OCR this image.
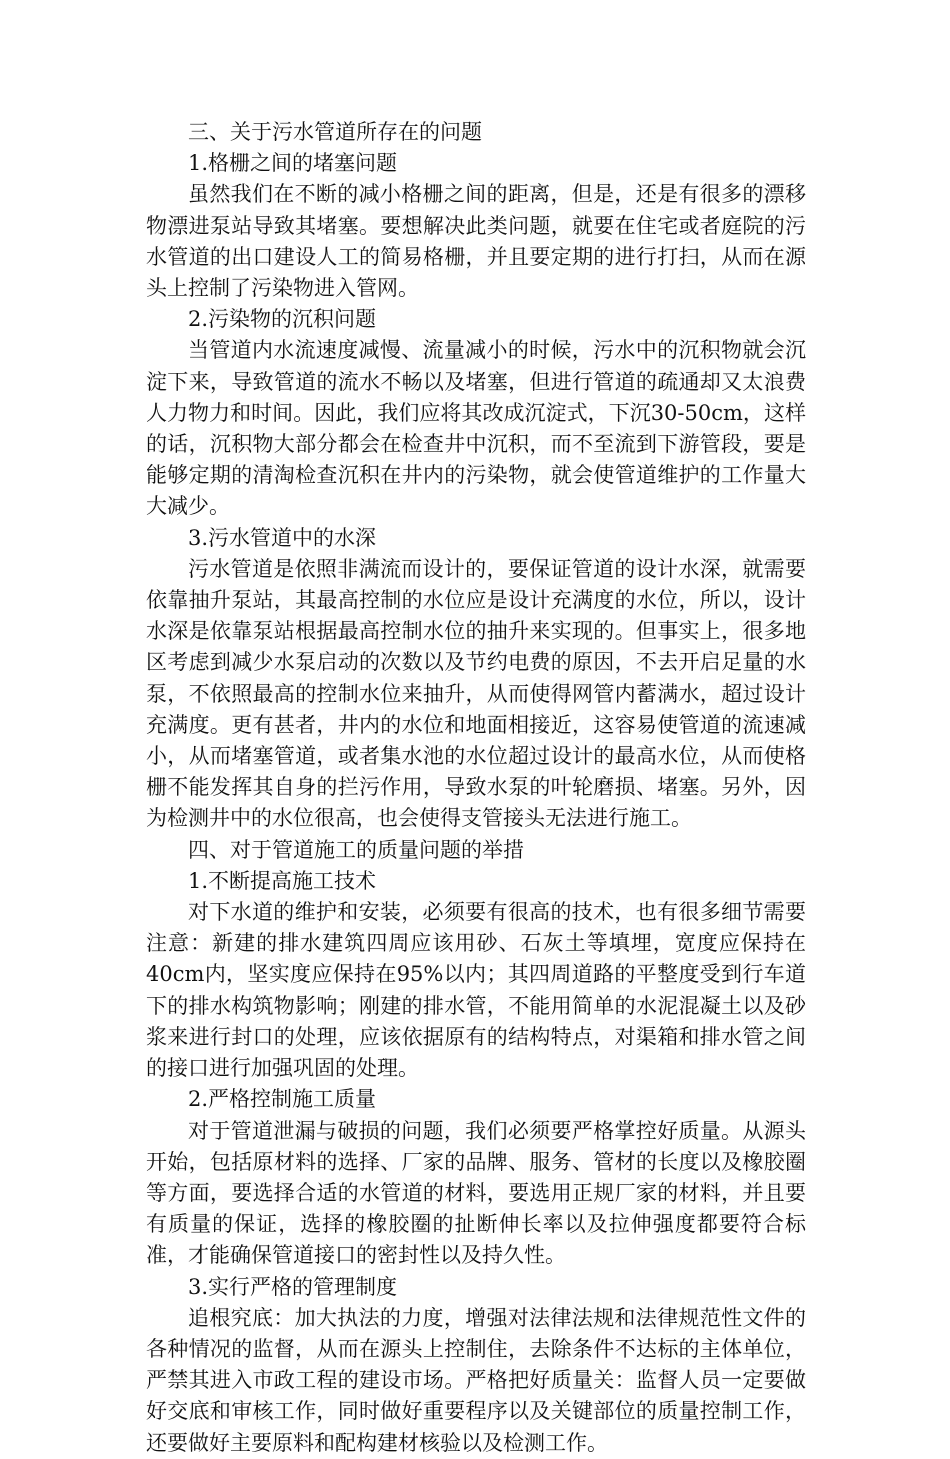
三、关于污水管道所存在的问题

1.格栅之间的堵塞问题

虽然我们在不断的减小格栅之间的距离，但是，还是有很多的漂移物漂进泵站导致其堵塞。要想解决此类问题，就要在住宅或者庭院的污水管道的出口建设人工的简易格栅，并且要定期的进行打扫，从而在源头上控制了污染物进入管网。

2.污染物的沉积问题

当管道内水流速度减慢、流量减小的时候，污水中的沉积物就会沉淀下来，导致管道的流水不畅以及堵塞，但进行管道的疏通却又太浪费人力物力和时间。因此，我们应将其改成沉淀式，下沉30-50cm，这样的话，沉积物大部分都会在检查井中沉积，而不至流到下游管段，要是能够定期的清淘检查沉积在井内的污染物，就会使管道维护的工作量大大减少。

3.污水管道中的水深

污水管道是依照非满流而设计的，要保证管道的设计水深，就需要依靠抽升泵站，其最高控制的水位应是设计充满度的水位，所以，设计水深是依靠泵站根据最高控制水位的抽升来实现的。但事实上，很多地区考虑到减少水泵启动的次数以及节约电费的原因，不去开启足量的水泵，不依照最高的控制水位来抽升，从而使得网管内蓄满水，超过设计充满度。更有甚者，井内的水位和地面相接近，这容易使管道的流速减小，从而堵塞管道，或者集水池的水位超过设计的最高水位，从而使格栅不能发挥其自身的拦污作用，导致水泵的叶轮磨损、堵塞。另外，因为检测井中的水位很高，也会使得支管接头无法进行施工。

四、对于管道施工的质量问题的举措

1.不断提高施工技术

对下水道的维护和安装，必须要有很高的技术，也有很多细节需要注意：新建的排水建筑四周应该用砂、石灰土等填埋，宽度应保持在40cm内，坚实度应保持在95%以内；其四周道路的平整度受到行车道下的排水构筑物影响；刚建的排水管，不能用简单的水泥混凝土以及砂浆来进行封口的处理，应该依据原有的结构特点，对渠箱和排水管之间的接口进行加强巩固的处理。

2.严格控制施工质量

对于管道泄漏与破损的问题，我们必须要严格掌控好质量。从源头开始，包括原材料的选择、厂家的品牌、服务、管材的长度以及橡胶圈等方面，要选择合适的水管道的材料，要选用正规厂家的材料，并且要有质量的保证，选择的橡胶圈的扯断伸长率以及拉伸强度都要符合标准，才能确保管道接口的密封性以及持久性。

3.实行严格的管理制度

追根究底：加大执法的力度，增强对法律法规和法律规范性文件的各种情况的监督，从而在源头上控制住，去除条件不达标的主体单位，严禁其进入市政工程的建设市场。严格把好质量关：监督人员一定要做好交底和审核工作，同时做好重要程序以及关键部位的质量控制工作，还要做好主要原料和配构建材核验以及检测工作。
